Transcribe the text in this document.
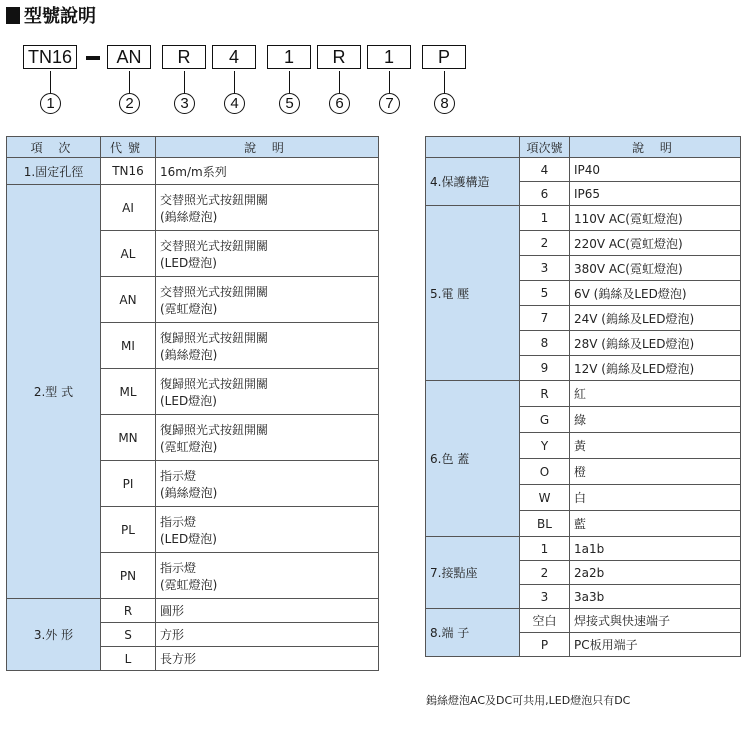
型號說明
TN16	AN	R	4	1	R	1	P
1	2	3	4	5	6	7	8
項 次	代號	說 明
1.固定孔徑	TN16	16m/m系列
2.型 式	AI	交替照光式按鈕開關
(鎢絲燈泡)

	AL	交替照光式按鈕開關
(LED燈泡)

	AN	交替照光式按鈕開關
(霓虹燈泡)

	MI	復歸照光式按鈕開關
(鎢絲燈泡)

	ML	復歸照光式按鈕開關
(LED燈泡)

	MN	復歸照光式按鈕開關
(霓虹燈泡)

	PI	指示燈
(鎢絲燈泡)

	PL	指示燈
(LED燈泡)

	PN	指示燈
(霓虹燈泡)

3.外 形	R	圓形
	S	方形
	L	長方形
	項次號	說 明
4.保護構造	4	IP40
	6	IP65
5.電 壓	1	110V AC(霓虹燈泡)
	2	220V AC(霓虹燈泡)
	3	380V AC(霓虹燈泡)
	5	6V (鎢絲及LED燈泡)
	7	24V (鎢絲及LED燈泡)
	8	28V (鎢絲及LED燈泡)
	9	12V (鎢絲及LED燈泡)
6.色 蓋	R	紅
	G	綠
	Y	黃
	O	橙
	W	白
	BL	藍
7.接點座	1	1a1b
	2	2a2b
	3	3a3b
8.端 子	空白	焊接式與快速端子
	P	PC板用端子
鎢絲燈泡AC及DC可共用,LED燈泡只有DC
